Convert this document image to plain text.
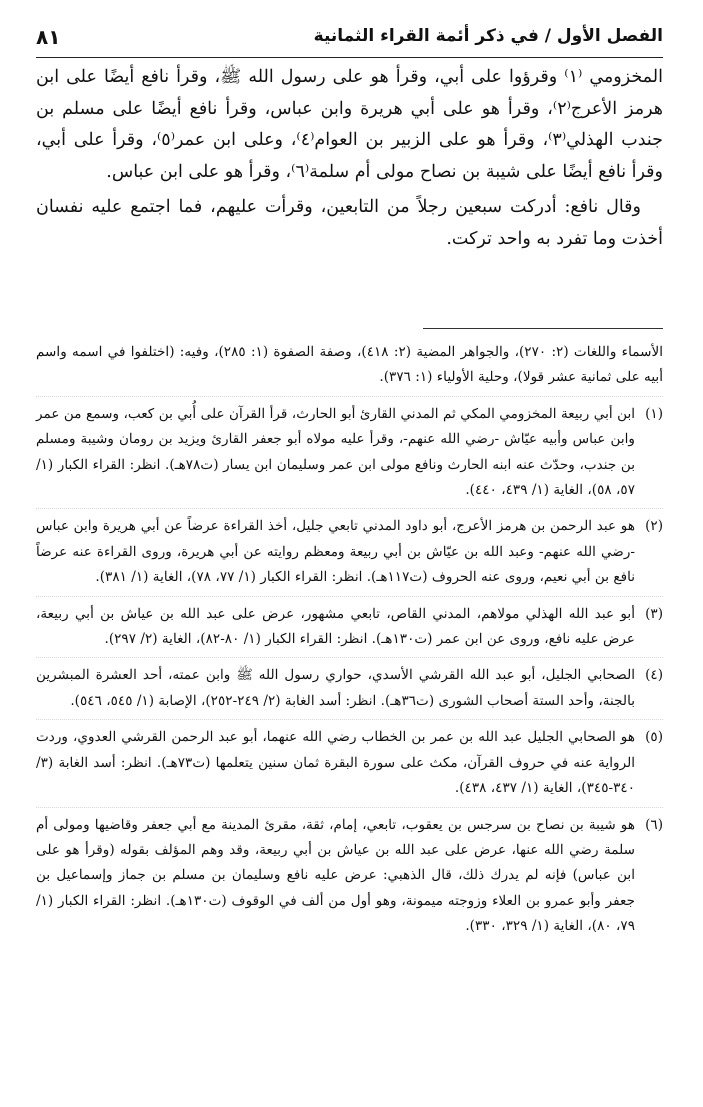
الفصل الأول / في ذكر أئمة القراء الثمانية
٨١

المخزومي ⁽١⁾ وقرؤوا على أبي، وقرأ هو على رسول الله ﷺ، وقرأ نافع أيضًا على ابن هرمز الأعرج⁽٢⁾، وقرأ هو على أبي هريرة وابن عباس، وقرأ نافع أيضًا على مسلم بن جندب الهذلي⁽٣⁾، وقرأ هو على الزبير بن العوام⁽٤⁾، وعلى ابن عمر⁽٥⁾، وقرأ على أبي، وقرأ نافع أيضًا على شيبة بن نصاح مولى أم سلمة⁽٦⁾، وقرأ هو على ابن عباس.

وقال نافع: أدركت سبعين رجلاً من التابعين، وقرأت عليهم، فما اجتمع عليه نفسان أخذت وما تفرد به واحد تركت.

الأسماء واللغات (٢: ٢٧٠)، والجواهر المضية (٢: ٤١٨)، وصفة الصفوة (١: ٢٨٥)، وفيه: (اختلفوا في اسمه واسم أبيه على ثمانية عشر قولا)، وحلية الأولياء (١: ٣٧٦).

(١)
ابن أبي ربيعة المخزومي المكي ثم المدني القارئ أبو الحارث، قرأ القرآن على أُبي بن كعب، وسمع من عمر وابن عباس وأبيه عيّاش -رضي الله عنهم-، وقرأ عليه مولاه أبو جعفر القارئ ويزيد بن رومان وشيبة ومسلم بن جندب، وحدّث عنه ابنه الحارث ونافع مولى ابن عمر وسليمان ابن يسار (ت٧٨هـ). انظر: القراء الكبار (١/ ٥٧، ٥٨)، الغاية (١/ ٤٣٩، ٤٤٠).
(٢)
هو عبد الرحمن بن هرمز الأعرج، أبو داود المدني تابعي جليل، أخذ القراءة عرضاً عن أبي هريرة وابن عباس -رضي الله عنهم- وعبد الله بن عيّاش بن أبي ربيعة ومعظم روايته عن أبي هريرة، وروى القراءة عنه عرضاً نافع بن أبي نعيم، وروى عنه الحروف (ت١١٧هـ). انظر: القراء الكبار (١/ ٧٧، ٧٨)، الغاية (١/ ٣٨١).
(٣)
أبو عبد الله الهذلي مولاهم، المدني القاص، تابعي مشهور، عرض على عبد الله بن عياش بن أبي ربيعة، عرض عليه نافع، وروى عن ابن عمر (ت١٣٠هـ). انظر: القراء الكبار (١/ ٨٠-٨٢)، الغاية (٢/ ٢٩٧).
(٤)
الصحابي الجليل، أبو عبد الله القرشي الأسدي، حواري رسول الله ﷺ وابن عمته، أحد العشرة المبشرين بالجنة، وأحد الستة أصحاب الشورى (ت٣٦هـ). انظر: أسد الغابة (٢/ ٢٤٩-٢٥٢)، الإصابة (١/ ٥٤٥، ٥٤٦).
(٥)
هو الصحابي الجليل عبد الله بن عمر بن الخطاب رضي الله عنهما، أبو عبد الرحمن القرشي العدوي، وردت الرواية عنه في حروف القرآن، مكث على سورة البقرة ثمان سنين يتعلمها (ت٧٣هـ). انظر: أسد الغابة (٣/ ٣٤٠-٣٤٥)، الغاية (١/ ٤٣٧، ٤٣٨).
(٦)
هو شيبة بن نصاح بن سرجس بن يعقوب، تابعي، إمام، ثقة، مقرئ المدينة مع أبي جعفر وقاضيها ومولى أم سلمة رضي الله عنها، عرض على عبد الله بن عياش بن أبي ربيعة، وقد وهم المؤلف بقوله (وقرأ هو على ابن عباس) فإنه لم يدرك ذلك، قال الذهبي: عرض عليه نافع وسليمان بن مسلم بن جماز وإسماعيل بن جعفر وأبو عمرو بن العلاء وزوجته ميمونة، وهو أول من ألف في الوقوف (ت١٣٠هـ). انظر: القراء الكبار (١/ ٧٩، ٨٠)، الغاية (١/ ٣٢٩، ٣٣٠).
